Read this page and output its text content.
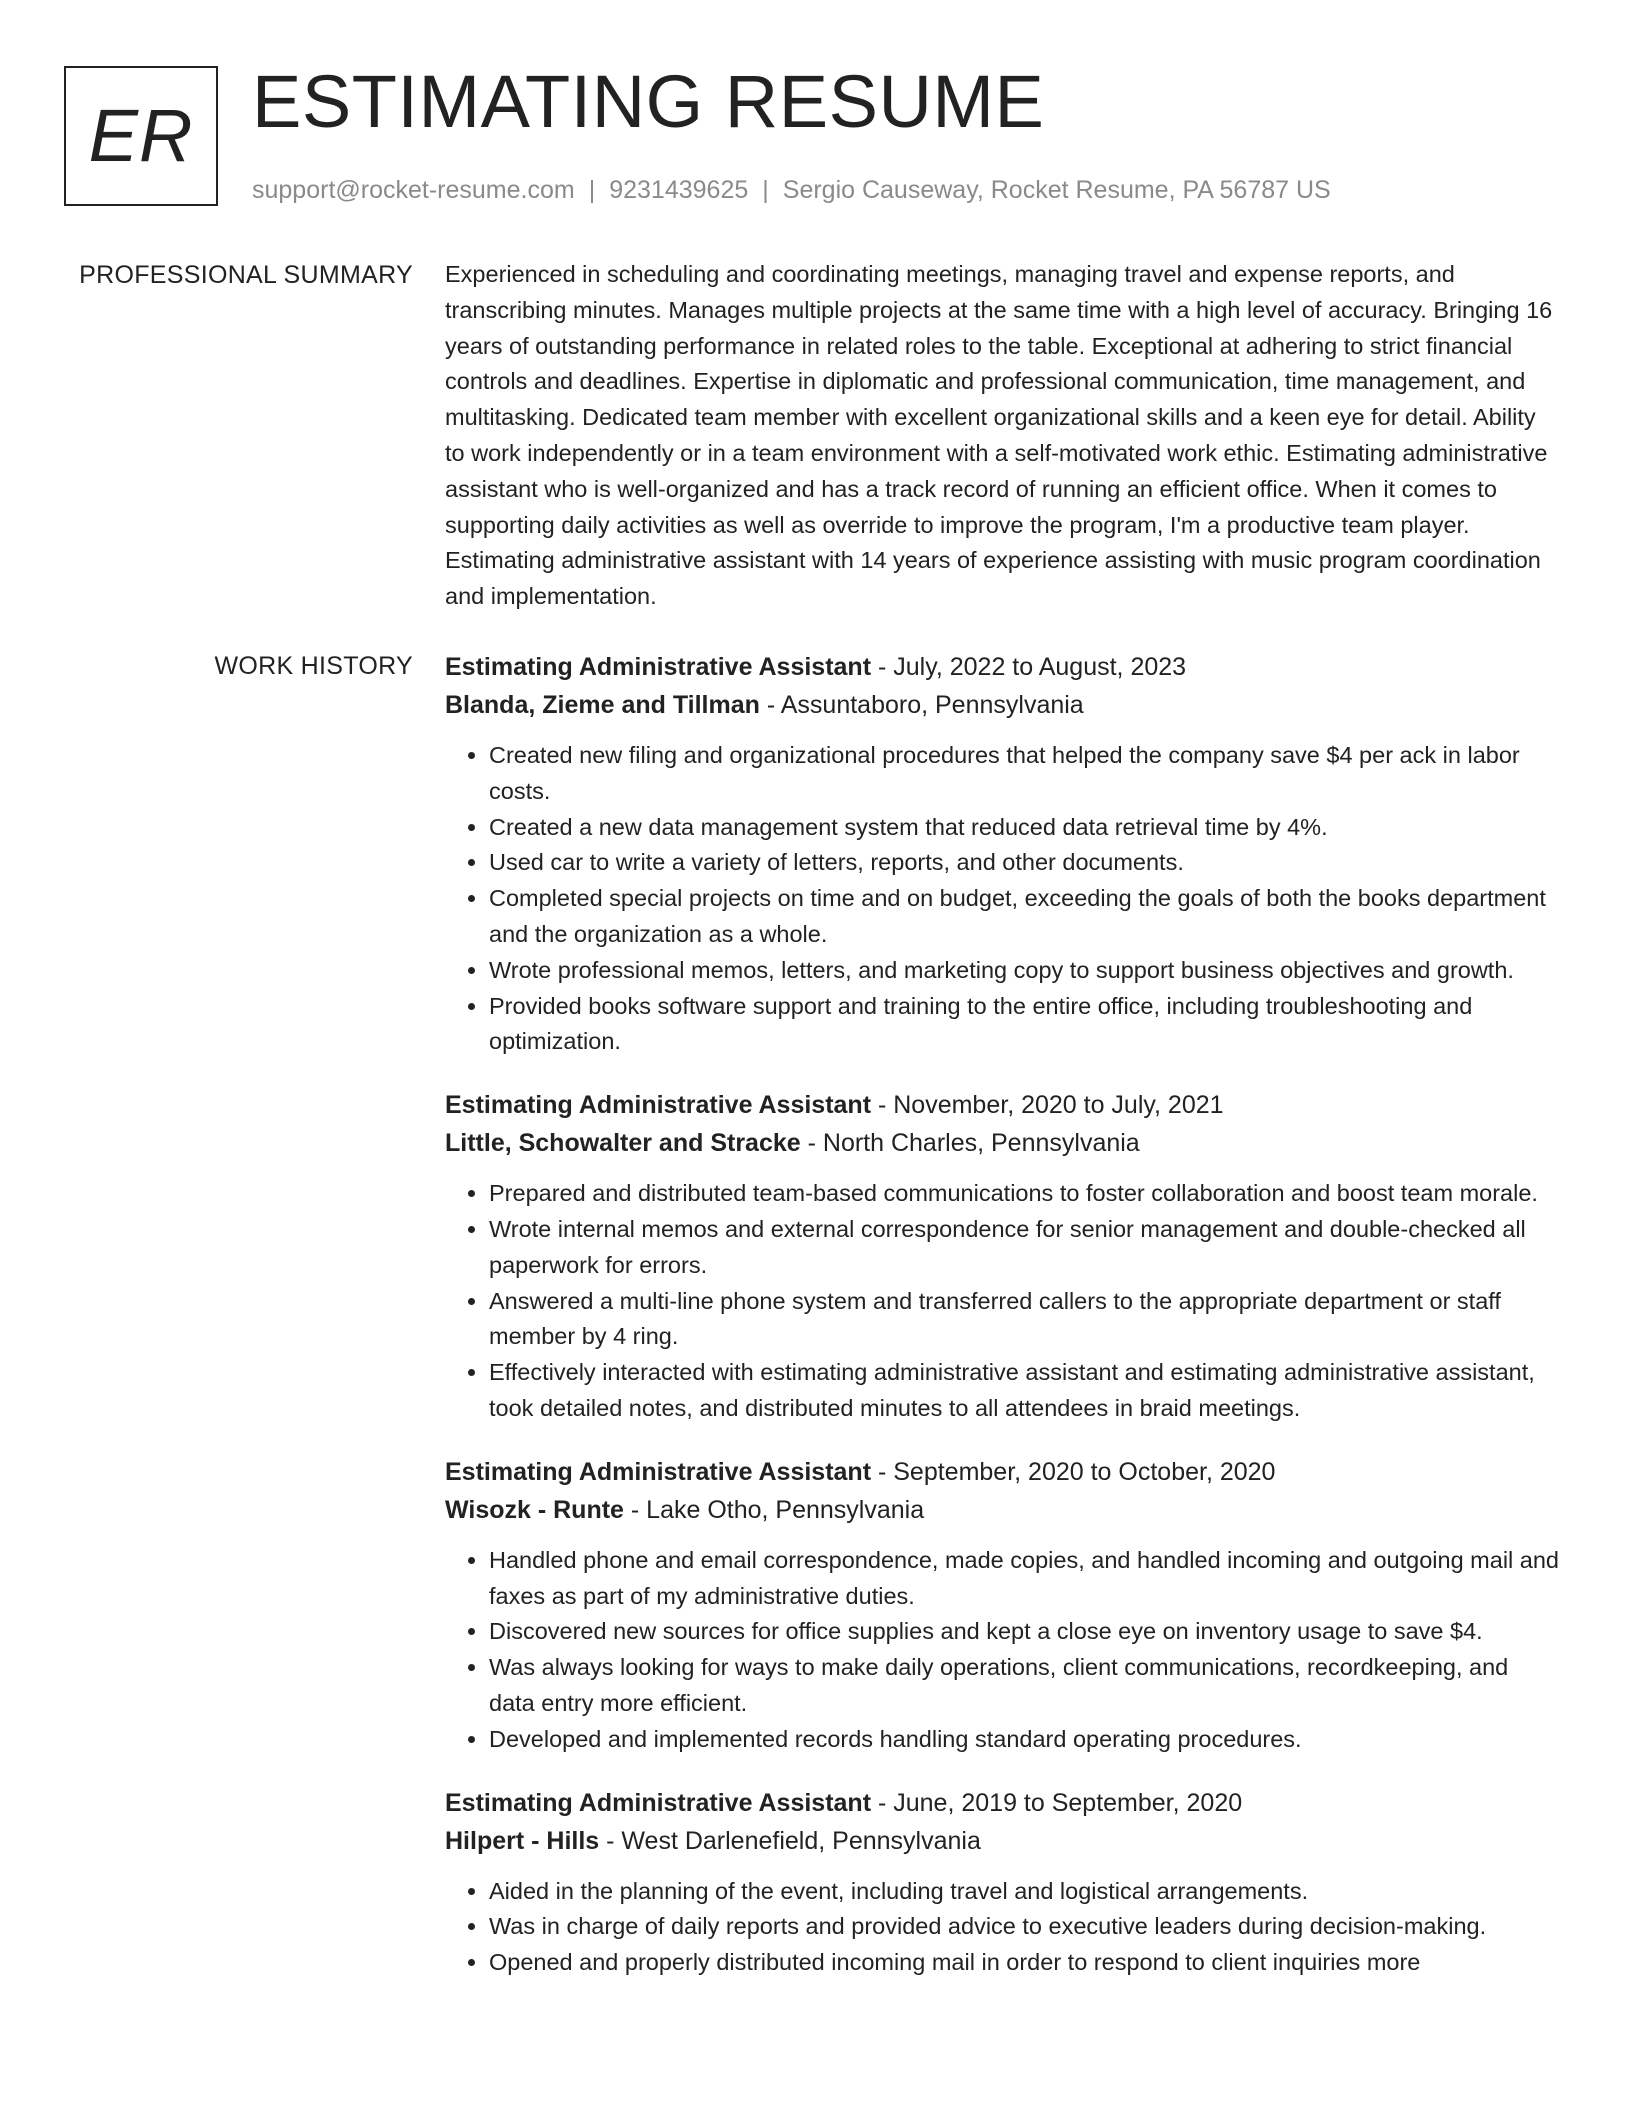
ER ESTIMATING RESUME
support@rocket-resume.com | 9231439625 | Sergio Causeway, Rocket Resume, PA 56787 US
PROFESSIONAL SUMMARY Experienced in scheduling and coordinating meetings, managing travel and expense reports, and transcribing minutes. Manages multiple projects at the same time with a high level of accuracy. Bringing 16 years of outstanding performance in related roles to the table. Exceptional at adhering to strict financial controls and deadlines. Expertise in diplomatic and professional communication, time management, and multitasking. Dedicated team member with excellent organizational skills and a keen eye for detail. Ability to work independently or in a team environment with a self-motivated work ethic. Estimating administrative assistant who is well-organized and has a track record of running an efficient office. When it comes to supporting daily activities as well as override to improve the program, I'm a productive team player. Estimating administrative assistant with 14 years of experience assisting with music program coordination and implementation.

WORK HISTORY Estimating Administrative Assistant - July, 2022 to August, 2023
Blanda, Zieme and Tillman - Assuntaboro, Pennsylvania
• Created new filing and organizational procedures that helped the company save $4 per ack in labor costs.
• Created a new data management system that reduced data retrieval time by 4%.
• Used car to write a variety of letters, reports, and other documents.
• Completed special projects on time and on budget, exceeding the goals of both the books department and the organization as a whole.
• Wrote professional memos, letters, and marketing copy to support business objectives and growth.
• Provided books software support and training to the entire office, including troubleshooting and optimization.
Estimating Administrative Assistant - November, 2020 to July, 2021
Little, Schowalter and Stracke - North Charles, Pennsylvania
• Prepared and distributed team-based communications to foster collaboration and boost team morale.
• Wrote internal memos and external correspondence for senior management and double-checked all paperwork for errors.
• Answered a multi-line phone system and transferred callers to the appropriate department or staff member by 4 ring.
• Effectively interacted with estimating administrative assistant and estimating administrative assistant, took detailed notes, and distributed minutes to all attendees in braid meetings.
Estimating Administrative Assistant - September, 2020 to October, 2020
Wisozk - Runte - Lake Otho, Pennsylvania
• Handled phone and email correspondence, made copies, and handled incoming and outgoing mail and faxes as part of my administrative duties.
• Discovered new sources for office supplies and kept a close eye on inventory usage to save $4.
• Was always looking for ways to make daily operations, client communications, recordkeeping, and data entry more efficient.
• Developed and implemented records handling standard operating procedures.
Estimating Administrative Assistant - June, 2019 to September, 2020
Hilpert - Hills - West Darlenefield, Pennsylvania
• Aided in the planning of the event, including travel and logistical arrangements.
• Was in charge of daily reports and provided advice to executive leaders during decision-making.
• Opened and properly distributed incoming mail in order to respond to client inquiries more
